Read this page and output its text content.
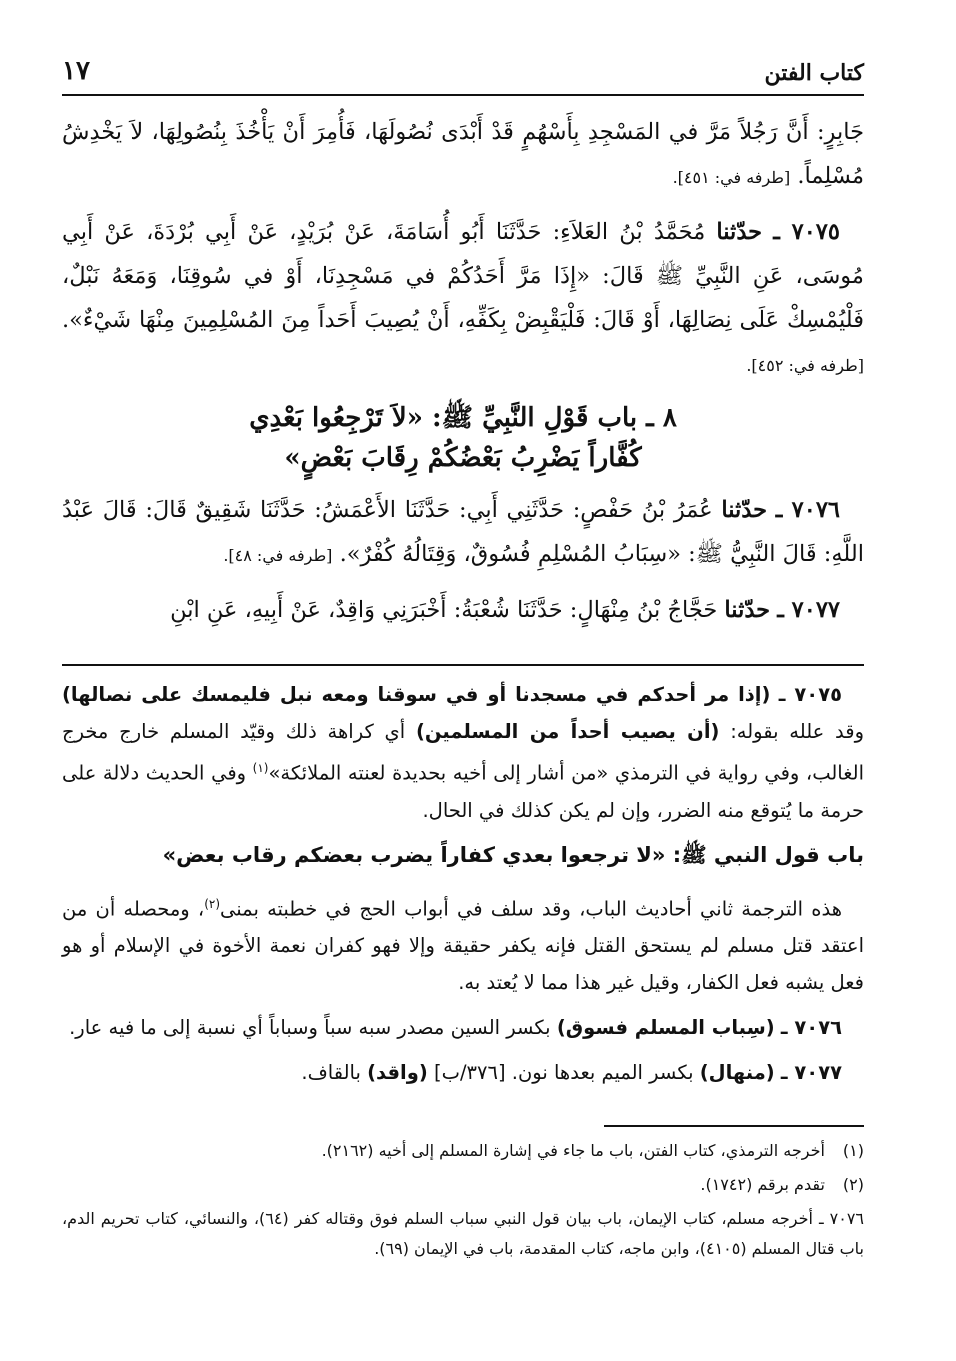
كتاب الفتن
١٧

جَابِرٍ: أَنَّ رَجُلاً مَرَّ في المَسْجِدِ بِأَسْهُمٍ قَدْ أَبْدَى نُصُولَهَا، فَأُمِرَ أَنْ يَأْخُذَ بِنُصُولِهَا، لاَ يَخْدِشُ مُسْلِماً. [طرفه في: ٤٥١].

٧٠٧٥ ـ حدّثنا مُحَمَّدُ بْنُ العَلاَءِ: حَدَّثَنَا أَبُو أُسَامَةَ، عَنْ بُرَيْدٍ، عَنْ أَبِي بُرْدَةَ، عَنْ أَبِي مُوسَى، عَنِ النَّبِيِّ ﷺ قَالَ: «إِذَا مَرَّ أَحَدُكُمْ في مَسْجِدِنَا، أَوْ في سُوقِنَا، وَمَعَهُ نَبْلٌ، فَلْيُمْسِكْ عَلَى نِصَالِهَا، أَوْ قَالَ: فَلْيَقْبِضْ بِكَفِّهِ، أَنْ يُصِيبَ أَحَداً مِنَ المُسْلِمِينَ مِنْهَا شَيْءٌ». [طرفه في: ٤٥٢].

٨ ـ باب قَوْلِ النَّبِيِّ ﷺ: «لاَ تَرْجِعُوا بَعْدِي
كُفَّاراً يَضْرِبُ بَعْضُكُمْ رِقَابَ بَعْضٍ»

٧٠٧٦ ـ حدّثنا عُمَرُ بْنُ حَفْصٍ: حَدَّثَنِي أَبِي: حَدَّثَنَا الأَعْمَشُ: حَدَّثَنَا شَقِيقٌ قَالَ: قَالَ عَبْدُ اللَّهِ: قَالَ النَّبِيُّ ﷺ: «سِبَابُ المُسْلِمِ فُسُوقٌ، وَقِتَالُهُ كُفْرٌ». [طرفه في: ٤٨].

٧٠٧٧ ـ حدّثنا حَجَّاجُ بْنُ مِنْهَالٍ: حَدَّثَنَا شُعْبَةُ: أَخْبَرَنِي وَاقِدٌ، عَنْ أَبِيهِ، عَنِ ابْنِ

٧٠٧٥ ـ (إذا مر أحدكم في مسجدنا أو في سوقنا ومعه نبل فليمسك على نصالها) وقد علله بقوله: (أن يصيب أحداً من المسلمين) أي كراهة ذلك وقيّد المسلم خارج مخرج الغالب، وفي رواية في الترمذي «من أشار إلى أخيه بحديدة لعنته الملائكة»$^{(١)}$ وفي الحديث دلالة على حرمة ما يُتوقع منه الضرر، وإن لم يكن كذلك في الحال.

باب قول النبي ﷺ: «لا ترجعوا بعدي كفاراً يضرب بعضكم رقاب بعض»

هذه الترجمة ثاني أحاديث الباب، وقد سلف في أبواب الحج في خطبته بمنى$^{(٢)}$، ومحصله أن من اعتقد قتل مسلم لم يستحق القتل فإنه يكفر حقيقة وإلا فهو كفران نعمة الأخوة في الإسلام أو هو فعل يشبه فعل الكفار، وقيل غير هذا مما لا يُعتد به.

٧٠٧٦ ـ (سِباب المسلم فسوق) بكسر السين مصدر سبه سباً وسباباً أي نسبة إلى ما فيه عار.

٧٠٧٧ ـ (منهال) بكسر الميم بعدها نون. [٣٧٦/ب] (واقد) بالقاف.

(١) أخرجه الترمذي، كتاب الفتن، باب ما جاء في إشارة المسلم إلى أخيه (٢١٦٢).

(٢) تقدم برقم (١٧٤٢).

٧٠٧٦ ـ أخرجه مسلم، كتاب الإيمان، باب بيان قول النبي سباب السلم فوق وقتاله كفر (٦٤)، والنسائي، كتاب تحريم الدم، باب قتال المسلم (٤١٠٥)، وابن ماجه، كتاب المقدمة، باب في الإيمان (٦٩).
